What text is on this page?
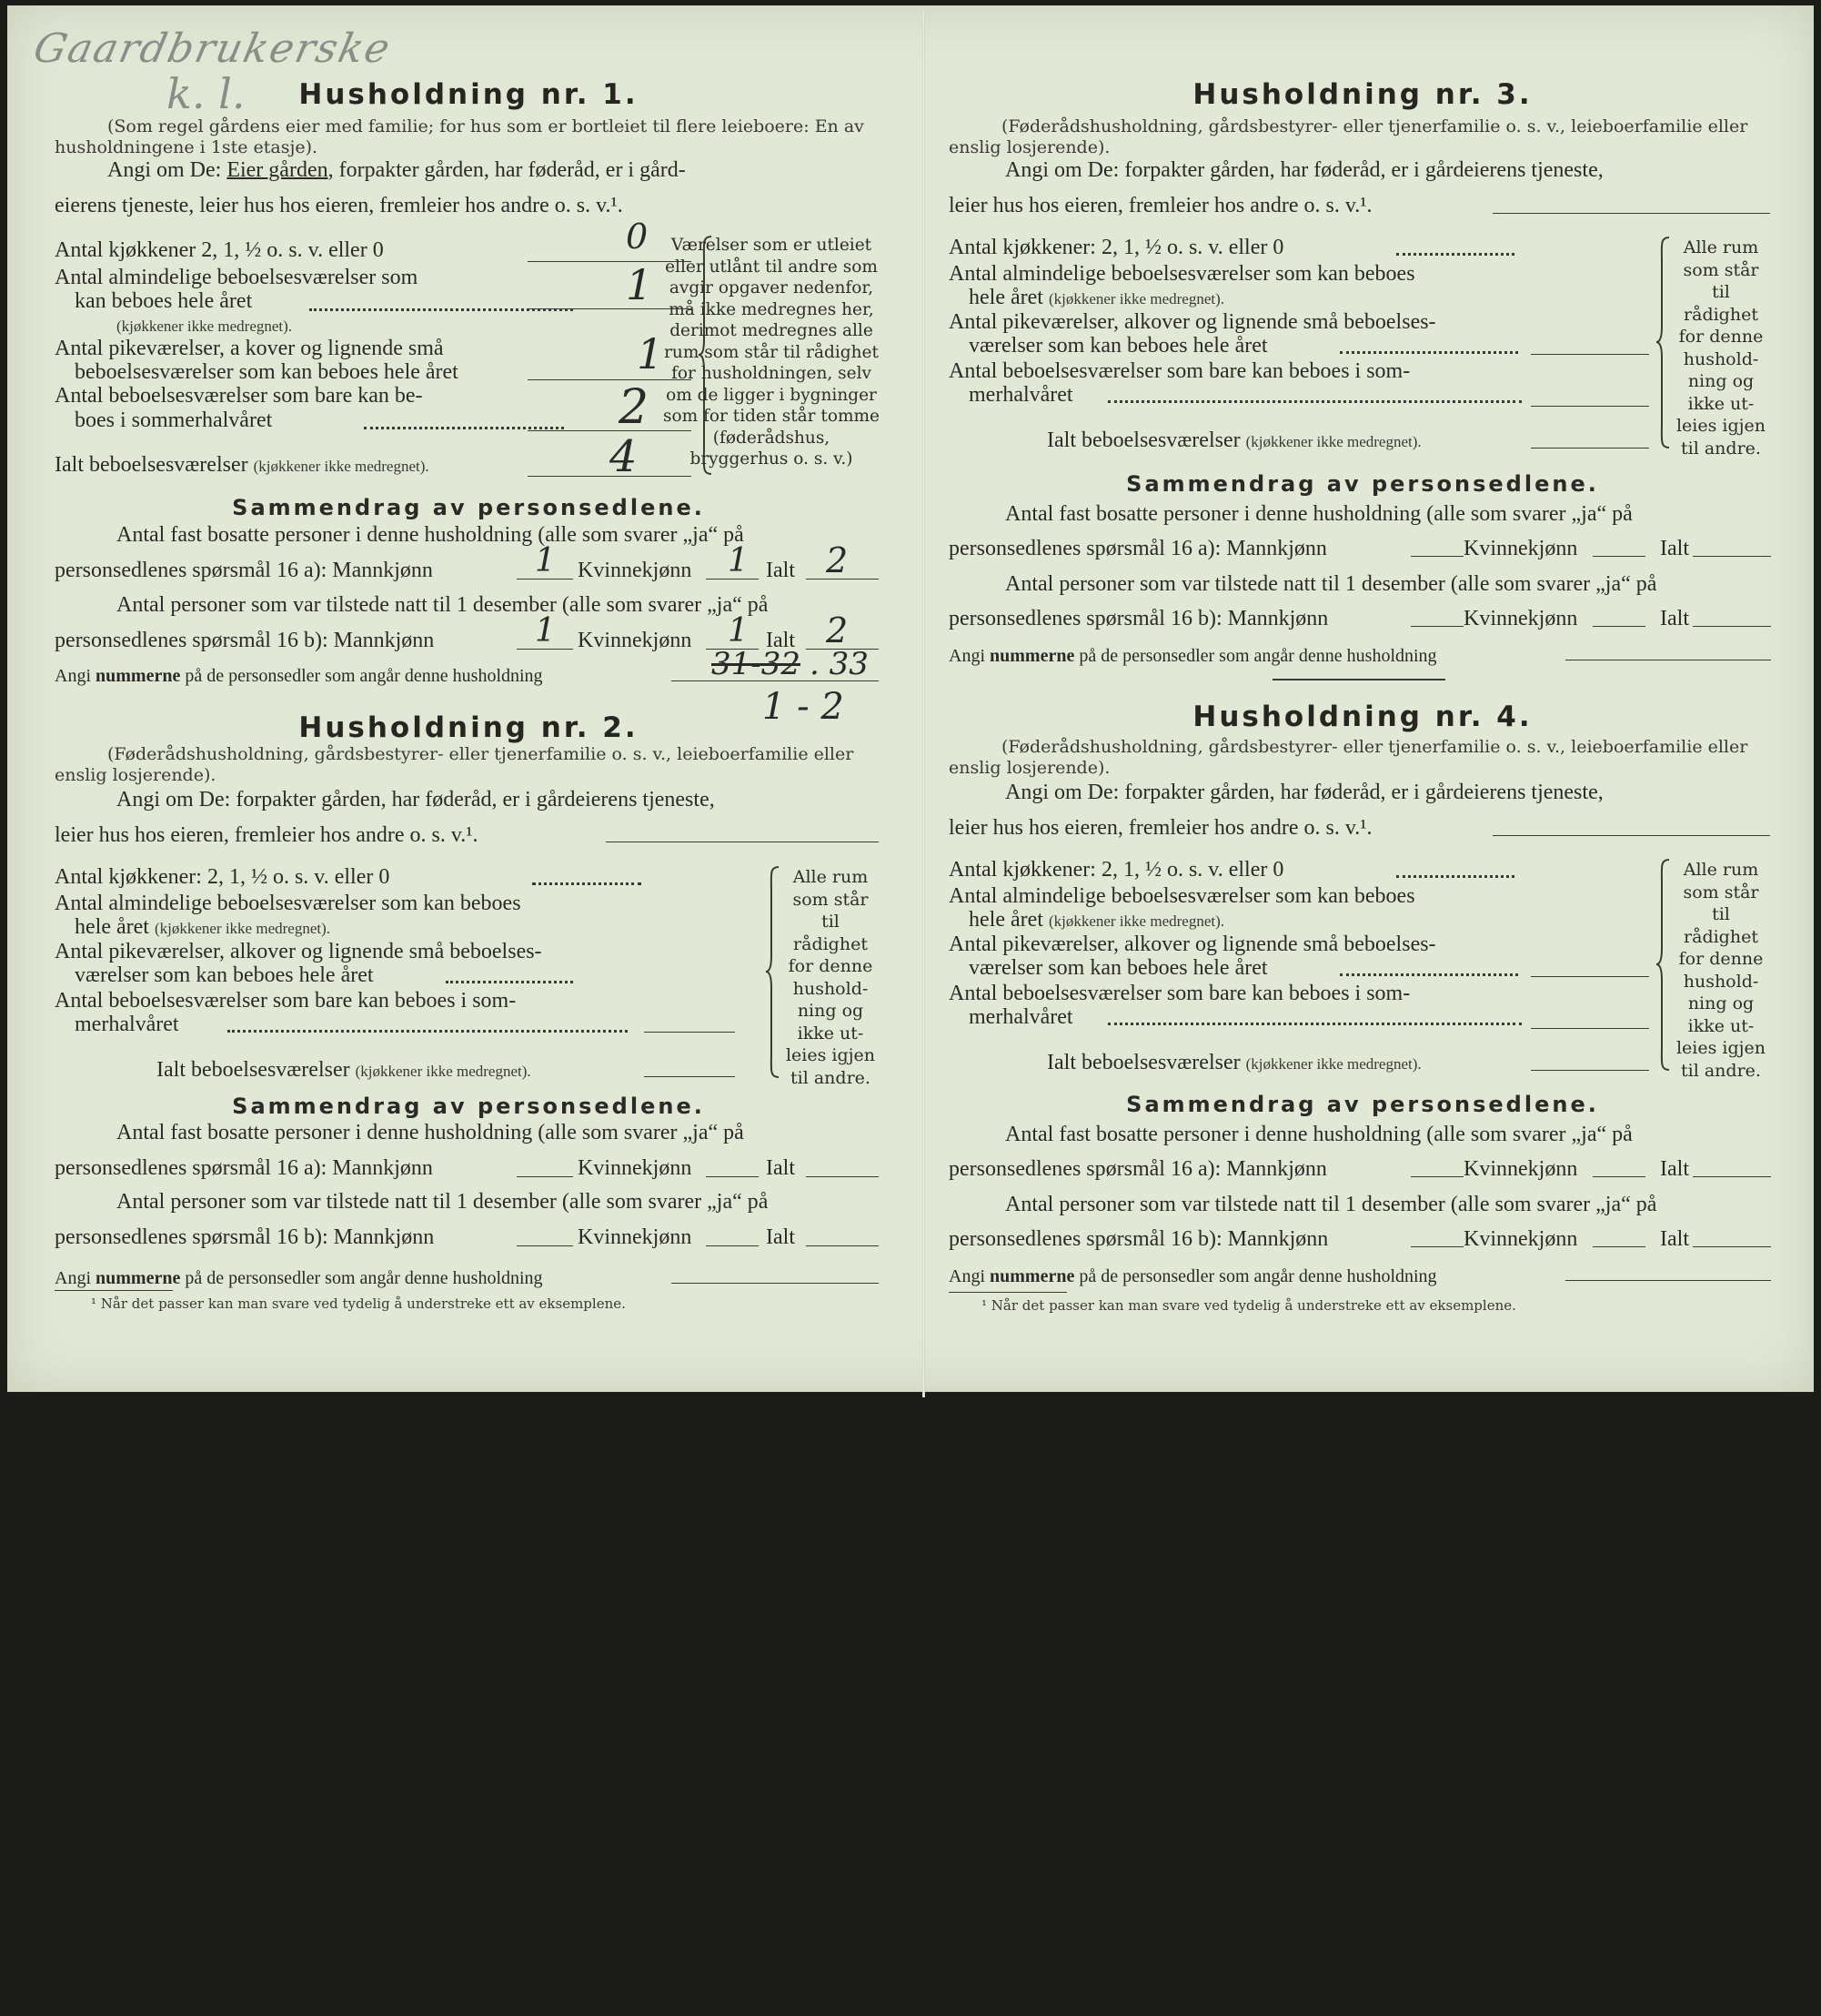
Gaardbrukerske
k. l.	Husholdning nr. 1.
(Som regel gårdens eier med familie; for hus som er bortleiet til flere leieboere: En av husholdningene i 1ste etasje).
Angi om De: Eier gården, forpakter gården, har føderåd, er i gård-
eierens tjeneste, leier hus hos eieren, fremleier hos andre o. s. v.¹.
Antal kjøkkener 2, 1, ½ o. s. v. eller 0	0
Antal almindelige beboelsesværelser som
kan beboes hele året
(kjøkkener ikke medregnet).
1
Antal pikeværelser, a kover og lignende små
beboelsesværelser som kan beboes hele året	1
Antal beboelsesværelser som bare kan be-
boes i sommerhalvåret	2
Ialt beboelsesværelser (kjøkkener ikke medregnet).	4
Værelser som er utleiet eller utlånt til andre som avgir opgaver nedenfor, må ikke medregnes her, derimot medregnes alle rum som står til rådighet for husholdningen, selv om de ligger i bygninger som for tiden står tomme (føderådshus, bryggerhus o. s. v.)
Sammendrag av personsedlene.
Antal fast bosatte personer i denne husholdning (alle som svarer „ja“ på
personsedlenes spørsmål 16 a): Mannkjønn	1 Kvinnekjønn 1 Ialt 2
Antal personer som var tilstede natt til 1 desember (alle som svarer „ja“ på
personsedlenes spørsmål 16 b): Mannkjønn	1 Kvinnekjønn 1 Ialt 2
Angi nummerne på de personsedler som angår denne husholdning	31-32 . 33
1 - 2
Husholdning nr. 2.
(Føderådshusholdning, gårdsbestyrer- eller tjenerfamilie o. s. v., leieboerfamilie eller enslig losjerende).
Angi om De: forpakter gården, har føderåd, er i gårdeierens tjeneste,
leier hus hos eieren, fremleier hos andre o. s. v.¹.
Antal kjøkkener: 2, 1, ½ o. s. v. eller 0
Antal almindelige beboelsesværelser som kan beboes
hele året (kjøkkener ikke medregnet).
Antal pikeværelser, alkover og lignende små beboelses-
værelser som kan beboes hele året
Antal beboelsesværelser som bare kan beboes i som-
merhalvåret
Ialt beboelsesværelser (kjøkkener ikke medregnet).
Alle rum som står til rådighet for denne hushold-ning og ikke ut-leies igjen til andre.
Sammendrag av personsedlene.
Antal fast bosatte personer i denne husholdning (alle som svarer „ja“ på
personsedlenes spørsmål 16 a): Mannkjønn	Kvinnekjønn	Ialt
Antal personer som var tilstede natt til 1 desember (alle som svarer „ja“ på
personsedlenes spørsmål 16 b): Mannkjønn	Kvinnekjønn	Ialt
Angi nummerne på de personsedler som angår denne husholdning
¹ Når det passer kan man svare ved tydelig å understreke ett av eksemplene.
Husholdning nr. 3.
(Føderådshusholdning, gårdsbestyrer- eller tjenerfamilie o. s. v., leieboerfamilie eller enslig losjerende).
Angi om De: forpakter gården, har føderåd, er i gårdeierens tjeneste,
leier hus hos eieren, fremleier hos andre o. s. v.¹.
Antal kjøkkener: 2, 1, ½ o. s. v. eller 0
Antal almindelige beboelsesværelser som kan beboes
hele året (kjøkkener ikke medregnet).
Antal pikeværelser, alkover og lignende små beboelses-
værelser som kan beboes hele året
Antal beboelsesværelser som bare kan beboes i som-
merhalvåret
Ialt beboelsesværelser (kjøkkener ikke medregnet).
Alle rum som står til rådighet for denne hushold-ning og ikke ut-leies igjen til andre.
Sammendrag av personsedlene.
Antal fast bosatte personer i denne husholdning (alle som svarer „ja“ på
personsedlenes spørsmål 16 a): Mannkjønn	Kvinnekjønn	Ialt
Antal personer som var tilstede natt til 1 desember (alle som svarer „ja“ på
personsedlenes spørsmål 16 b): Mannkjønn	Kvinnekjønn	Ialt
Angi nummerne på de personsedler som angår denne husholdning
Husholdning nr. 4.
(Føderådshusholdning, gårdsbestyrer- eller tjenerfamilie o. s. v., leieboerfamilie eller enslig losjerende).
Angi om De: forpakter gården, har føderåd, er i gårdeierens tjeneste,
leier hus hos eieren, fremleier hos andre o. s. v.¹.
Antal kjøkkener: 2, 1, ½ o. s. v. eller 0
Antal almindelige beboelsesværelser som kan beboes
hele året (kjøkkener ikke medregnet).
Antal pikeværelser, alkover og lignende små beboelses-
værelser som kan beboes hele året
Antal beboelsesværelser som bare kan beboes i som-
merhalvåret
Ialt beboelsesværelser (kjøkkener ikke medregnet).
Alle rum som står til rådighet for denne hushold-ning og ikke ut-leies igjen til andre.
Sammendrag av personsedlene.
Antal fast bosatte personer i denne husholdning (alle som svarer „ja“ på
personsedlenes spørsmål 16 a): Mannkjønn	Kvinnekjønn	Ialt
Antal personer som var tilstede natt til 1 desember (alle som svarer „ja“ på
personsedlenes spørsmål 16 b): Mannkjønn	Kvinnekjønn	Ialt
Angi nummerne på de personsedler som angår denne husholdning
¹ Når det passer kan man svare ved tydelig å understreke ett av eksemplene.
